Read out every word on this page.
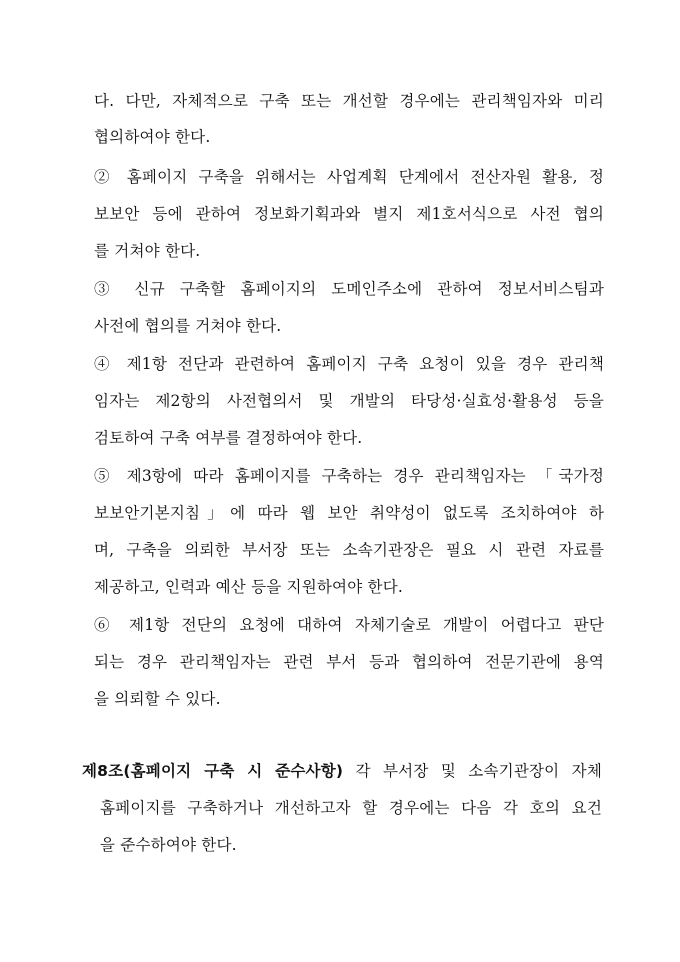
다. 다만, 자체적으로 구축 또는 개선할 경우에는 관리책임자와 미리
협의하여야 한다.
② 홈페이지 구축을 위해서는 사업계획 단계에서 전산자원 활용, 정
보보안 등에 관하여 정보화기획과와 별지 제1호서식으로 사전 협의
를 거쳐야 한다.
③ 신규 구축할 홈페이지의 도메인주소에 관하여 정보서비스팀과
사전에 협의를 거쳐야 한다.
④ 제1항 전단과 관련하여 홈페이지 구축 요청이 있을 경우 관리책
임자는 제2항의 사전협의서 및 개발의 타당성·실효성·활용성 등을
검토하여 구축 여부를 결정하여야 한다.
⑤ 제3항에 따라 홈페이지를 구축하는 경우 관리책임자는 「국가정
보보안기본지침」에 따라 웹 보안 취약성이 없도록 조치하여야 하
며, 구축을 의뢰한 부서장 또는 소속기관장은 필요 시 관련 자료를
제공하고, 인력과 예산 등을 지원하여야 한다.
⑥ 제1항 전단의 요청에 대하여 자체기술로 개발이 어렵다고 판단
되는 경우 관리책임자는 관련 부서 등과 협의하여 전문기관에 용역
을 의뢰할 수 있다.
제8조(홈페이지 구축 시 준수사항) 각 부서장 및 소속기관장이 자체
홈페이지를 구축하거나 개선하고자 할 경우에는 다음 각 호의 요건
을 준수하여야 한다.
